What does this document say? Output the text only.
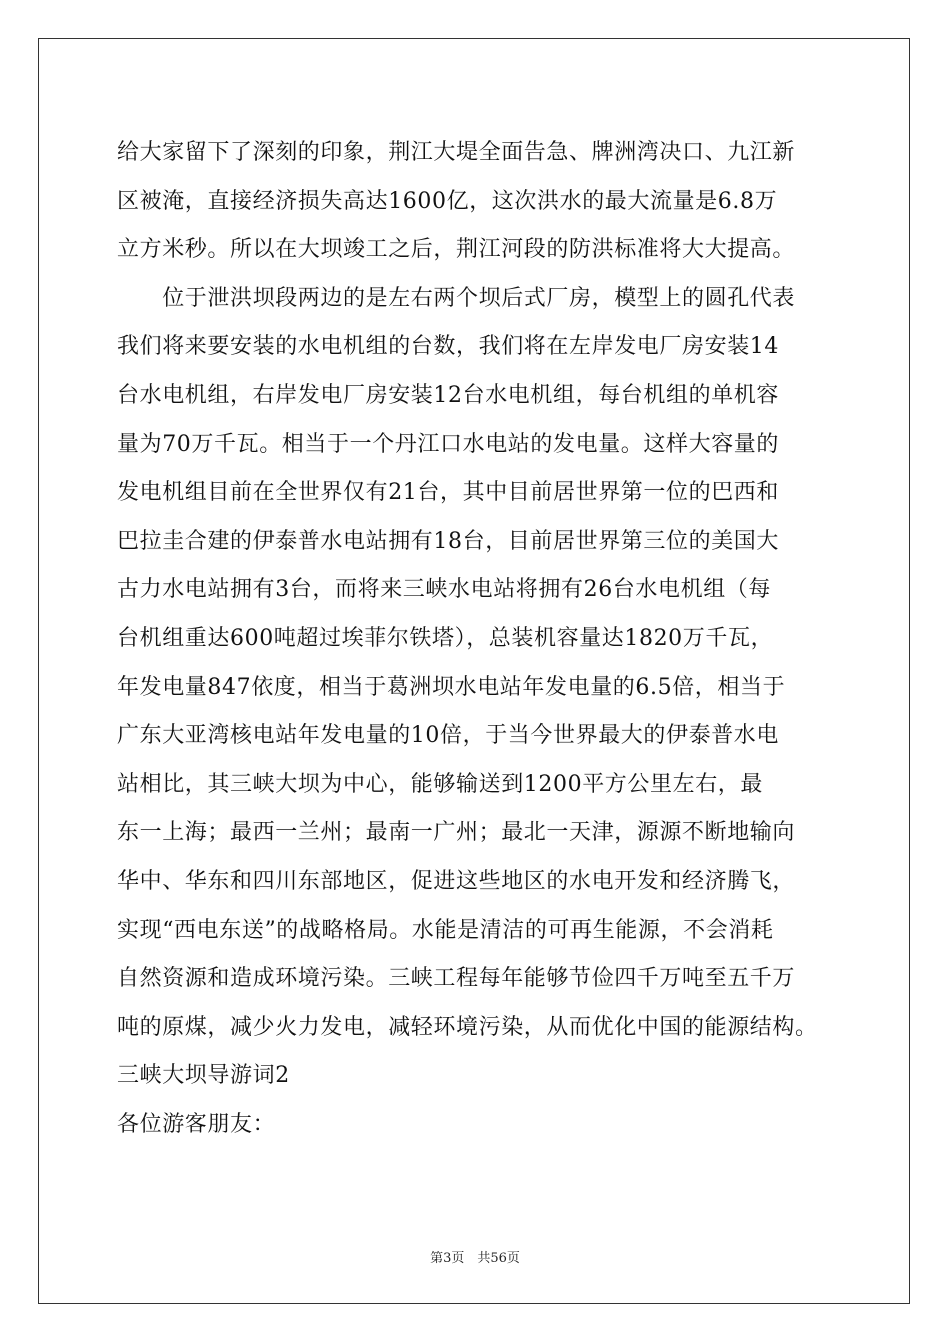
给大家留下了深刻的印象，荆江大堤全面告急、牌洲湾决口、九江新
区被淹，直接经济损失高达1600亿，这次洪水的最大流量是6.8万
立方米秒。所以在大坝竣工之后，荆江河段的防洪标准将大大提高。
　　位于泄洪坝段两边的是左右两个坝后式厂房，模型上的圆孔代表
我们将来要安装的水电机组的台数，我们将在左岸发电厂房安装14
台水电机组，右岸发电厂房安装12台水电机组，每台机组的单机容
量为70万千瓦。相当于一个丹江口水电站的发电量。这样大容量的
发电机组目前在全世界仅有21台，其中目前居世界第一位的巴西和
巴拉圭合建的伊泰普水电站拥有18台，目前居世界第三位的美国大
古力水电站拥有3台，而将来三峡水电站将拥有26台水电机组（每
台机组重达600吨超过埃菲尔铁塔），总装机容量达1820万千瓦，
年发电量847依度，相当于葛洲坝水电站年发电量的6.5倍，相当于
广东大亚湾核电站年发电量的10倍，于当今世界最大的伊泰普水电
站相比，其三峡大坝为中心，能够输送到1200平方公里左右，最
东一上海；最西一兰州；最南一广州；最北一天津，源源不断地输向
华中、华东和四川东部地区，促进这些地区的水电开发和经济腾飞，
实现“西电东送”的战略格局。水能是清洁的可再生能源，不会消耗
自然资源和造成环境污染。三峡工程每年能够节俭四千万吨至五千万
吨的原煤，减少火力发电，减轻环境污染，从而优化中国的能源结构。
三峡大坝导游词2
各位游客朋友：
第3页　共56页
